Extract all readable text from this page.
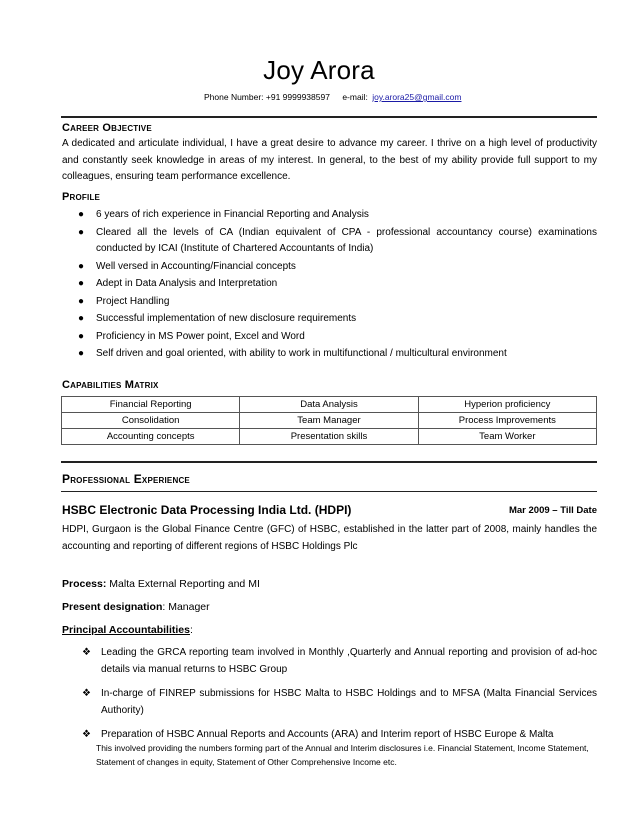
Joy Arora
Phone Number: +91 9999938597 e-mail: joy.arora25@gmail.com
Career Objective
A dedicated and articulate individual, I have a great desire to advance my career. I thrive on a high level of productivity and constantly seek knowledge in areas of my interest. In general, to the best of my ability provide full support to my colleagues, ensuring team performance excellence.
Profile
● 6 years of rich experience in Financial Reporting and Analysis
● Cleared all the levels of CA (Indian equivalent of CPA - professional accountancy course) examinations conducted by ICAI (Institute of Chartered Accountants of India)
● Well versed in Accounting/Financial concepts
● Adept in Data Analysis and Interpretation
● Project Handling
● Successful implementation of new disclosure requirements
● Proficiency in MS Power point, Excel and Word
● Self driven and goal oriented, with ability to work in multifunctional / multicultural environment
Capabilities Matrix
Financial Reporting	Data Analysis	Hyperion proficiency
Consolidation	Team Manager	Process Improvements
Accounting concepts	Presentation skills	Team Worker
Professional Experience
HSBC Electronic Data Processing India Ltd. (HDPI)	Mar 2009 – Till Date
HDPI, Gurgaon is the Global Finance Centre (GFC) of HSBC, established in the latter part of 2008, mainly handles the accounting and reporting of different regions of HSBC Holdings Plc
Process: Malta External Reporting and MI
Present designation: Manager
Principal Accountabilities:
❖ Leading the GRCA reporting team involved in Monthly ,Quarterly and Annual reporting and provision of ad-hoc details via manual returns to HSBC Group
❖ In-charge of FINREP submissions for HSBC Malta to HSBC Holdings and to MFSA (Malta Financial Services Authority)
❖ Preparation of HSBC Annual Reports and Accounts (ARA) and Interim report of HSBC Europe & Malta
This involved providing the numbers forming part of the Annual and Interim disclosures i.e. Financial Statement, Income Statement, Statement of changes in equity, Statement of Other Comprehensive Income etc.
